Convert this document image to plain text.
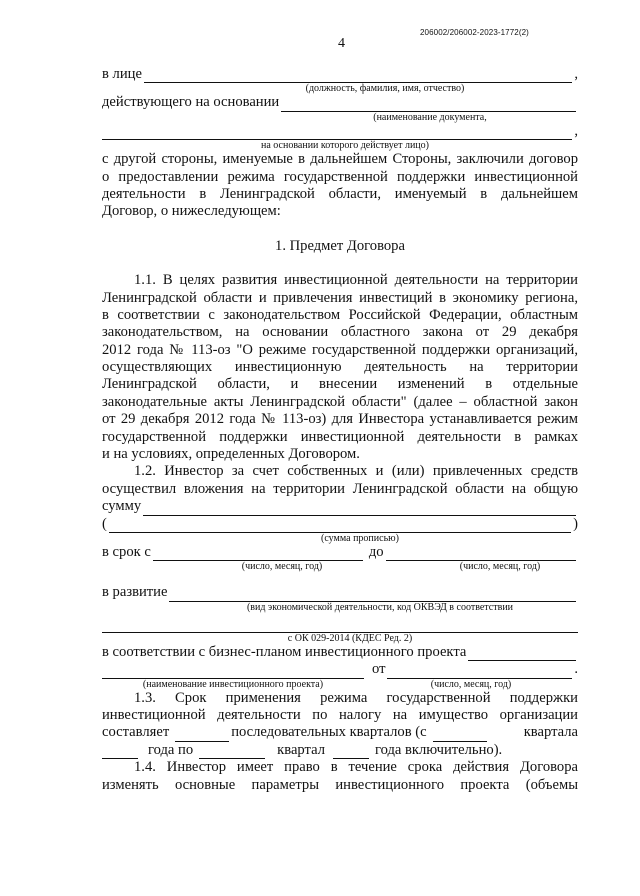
206002/206002-2023-1772(2)
4
в лице	,
(должность, фамилия, имя, отчество)
действующего на основании
(наименование документа,
,
на основании которого действует лицо)
с другой стороны, именуемые в дальнейшем Стороны, заключили договор
о предоставлении режима государственной поддержки инвестиционной
деятельности в Ленинградской области, именуемый в дальнейшем
Договор, о нижеследующем:
1. Предмет Договора
1.1. В целях развития инвестиционной деятельности на территории
Ленинградской области и привлечения инвестиций в экономику региона,
в соответствии с законодательством Российской Федерации, областным
законодательством, на основании областного закона от 29 декабря
2012 года № 113-оз "О режиме государственной поддержки организаций,
осуществляющих инвестиционную деятельность на территории
Ленинградской области, и внесении изменений в отдельные
законодательные акты Ленинградской области" (далее – областной закон
от 29 декабря 2012 года № 113-оз) для Инвестора устанавливается режим
государственной поддержки инвестиционной деятельности в рамках
и на условиях, определенных Договором.
1.2. Инвестор за счет собственных и (или) привлеченных средств
осуществил вложения на территории Ленинградской области на общую
сумму
(	)
(сумма прописью)
в срок с	до
(число, месяц, год)	(число, месяц, год)
в развитие
(вид экономической деятельности, код ОКВЭД в соответствии
с ОК 029-2014 (КДЕС Ред. 2)
в соответствии с бизнес-планом инвестиционного проекта
от	.
(наименование инвестиционного проекта)	(число, месяц, год)
1.3. Срок применения режима государственной поддержки
инвестиционной деятельности по налогу на имущество организации
составляет	последовательных кварталов (с	квартала
года по	квартал	года включительно).
1.4. Инвестор имеет право в течение срока действия Договора
изменять основные параметры инвестиционного проекта (объемы
